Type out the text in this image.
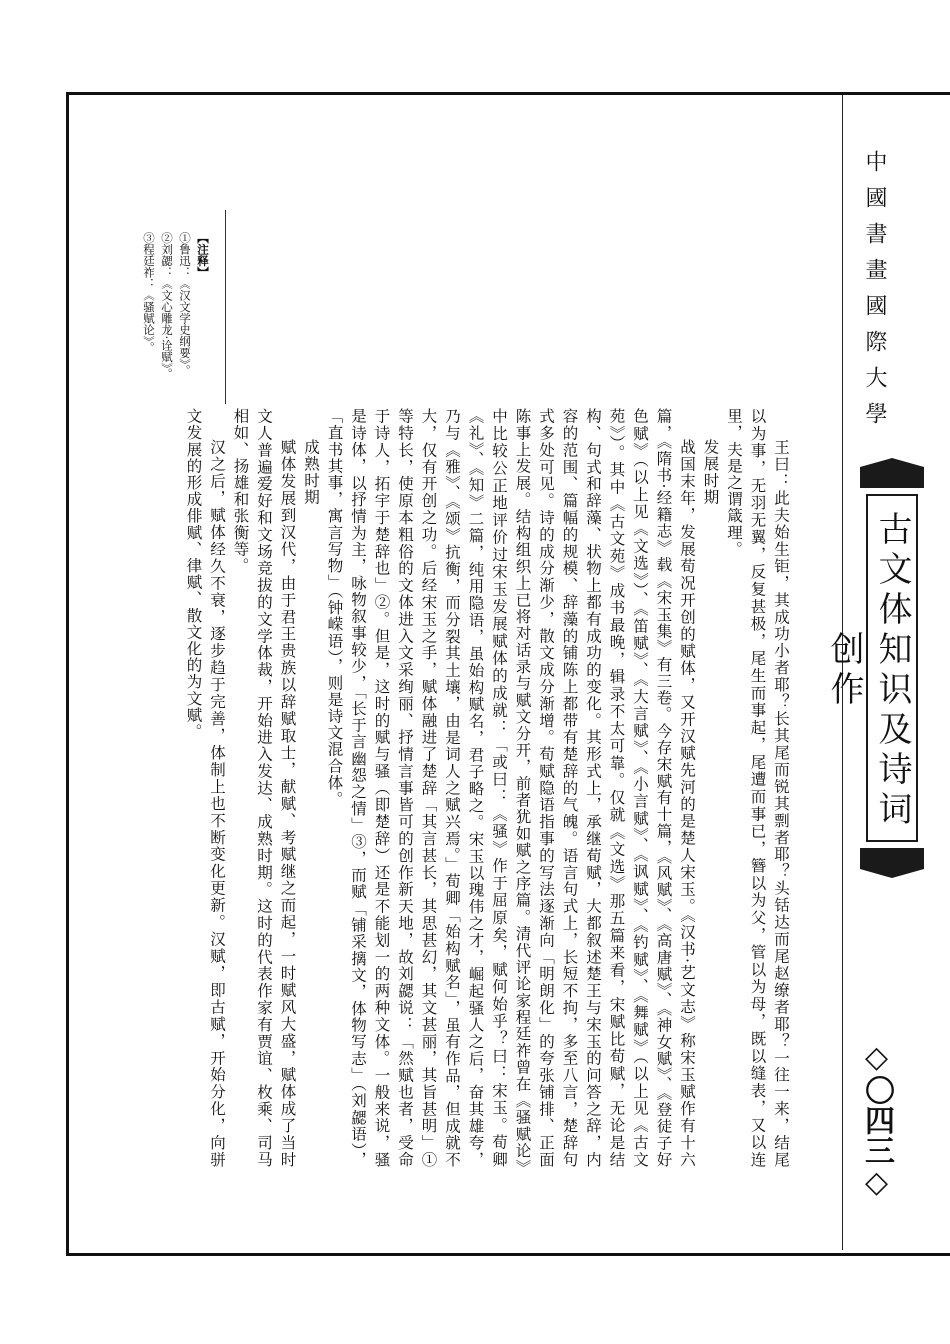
中國書畫國際大學
古文体知识及诗词创作
◇〇四三◇

王曰：此夫始生钜，其成功小者耶？长其尾而锐其剽者耶？头铦达而尾赵缭者耶？一往一来，结尾以为事，无羽无翼，反复甚极，尾生而事起，尾遭而事已，簪以为父，管以为母，既以缝表，又以连里，夫是之谓箴理。

发展时期

战国末年，发展荀况开创的赋体，又开汉赋先河的是楚人宋玉。《汉书·艺文志》称宋玉赋作有十六篇，《隋书·经籍志》载《宋玉集》有三卷。今存宋赋有十篇，《风赋》、《高唐赋》、《神女赋》、《登徒子好色赋》（以上见《文选》）、《笛赋》、《大言赋》、《小言赋》、《讽赋》、《钓赋》、《舞赋》（以上见《古文苑》）。其中《古文苑》成书最晚，辑录不太可靠。仅就《文选》那五篇来看，宋赋比荀赋，无论是结构、句式和辞藻、状物上都有成功的变化。其形式上，承继荀赋，大都叙述楚王与宋玉的问答之辞，内容的范围、篇幅的规模、辞藻的铺陈上都带有楚辞的气魄。语言句式上，长短不拘，多至八言，楚辞句式多处可见。诗的成分渐少，散文成分渐增。荀赋隐语指事的写法逐渐向「明朗化」的夸张铺排、正面陈事上发展。结构组织上已将对话录与赋文分开，前者犹如赋之序篇。清代评论家程廷祚曾在《骚赋论》中比较公正地评价过宋玉发展赋体的成就：「或曰：《骚》作于屈原矣，赋何始乎？曰：宋玉。荀卿《礼》、《知》二篇，纯用隐语，虽始构赋名，君子略之。宋玉以瑰伟之才，崛起骚人之后，奋其雄夸，乃与《雅》、《颂》抗衡，而分裂其土壤，由是词人之赋兴焉。」荀卿「始构赋名」，虽有作品，但成就不大，仅有开创之功。后经宋玉之手，赋体融进了楚辞「其言甚长，其思甚幻，其文甚丽，其旨甚明」①等特长，使原本粗俗的文体进入文采绚丽、抒情言事皆可的创作新天地，故刘勰说：「然赋也者，受命于诗人，拓宇于楚辞也」②。但是，这时的赋与骚（即楚辞）还是不能划一的两种文体。一般来说，骚是诗体，以抒情为主，咏物叙事较少，「长于言幽怨之情」③，而赋「铺采摛文，体物写志」（刘勰语），「直书其事，寓言写物」（钟嵘语），则是诗文混合体。

成熟时期

赋体发展到汉代，由于君王贵族以辞赋取士，献赋、考赋继之而起，一时赋风大盛，赋体成了当时文人普遍爱好和文场竞拔的文学体裁，开始进入发达、成熟时期。这时的代表作家有贾谊、枚乘、司马相如、扬雄和张衡等。

汉之后，赋体经久不衰，逐步趋于完善，体制上也不断变化更新。汉赋，即古赋，开始分化，向骈文发展的形成俳赋、律赋、散文化的为文赋。

【注释】
①鲁迅：《汉文学史纲要》。
②刘勰：《文心雕龙·诠赋》。
③程廷祚：《骚赋论》。
